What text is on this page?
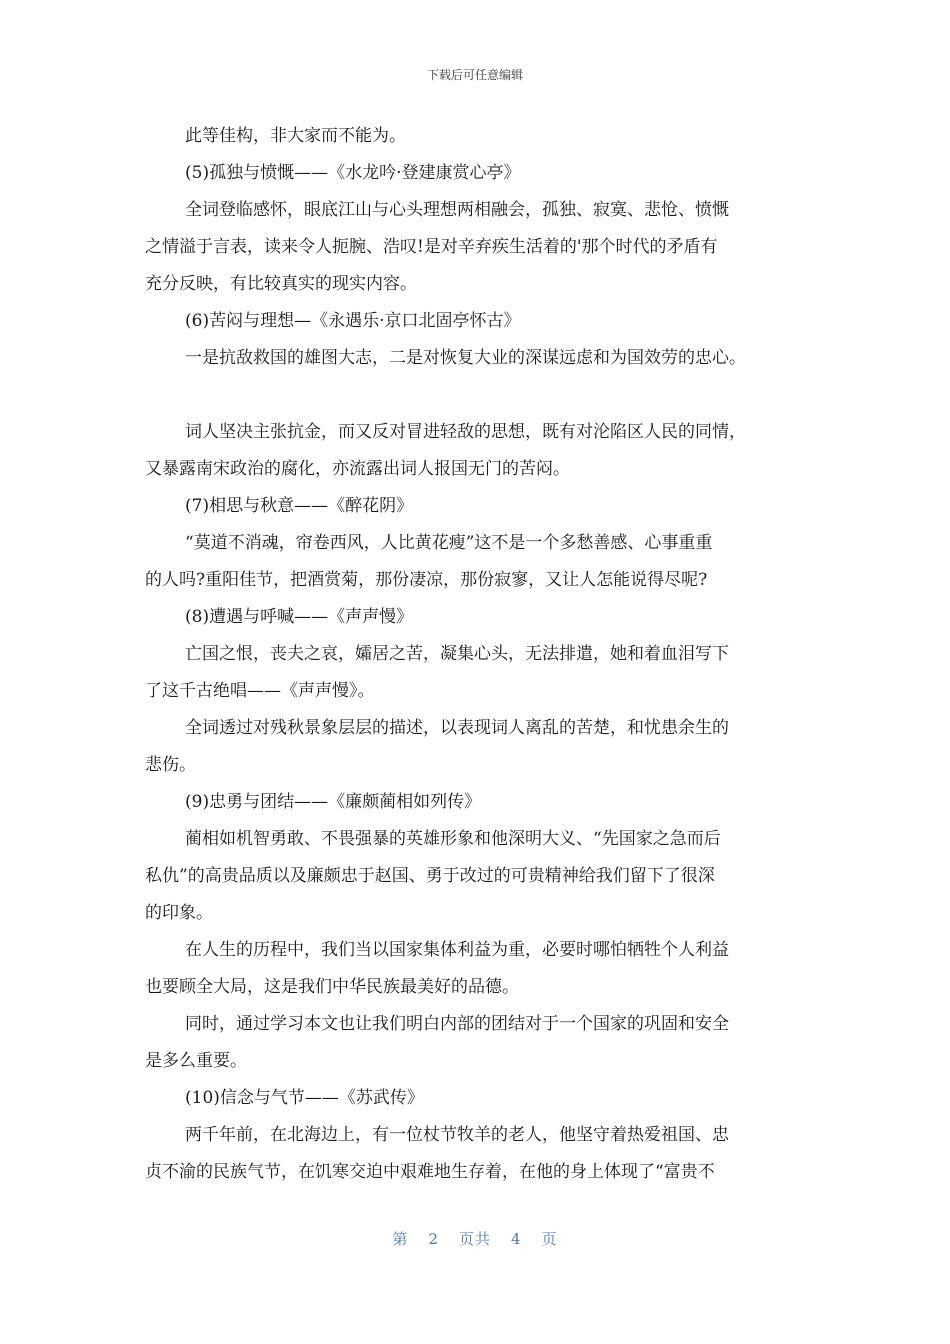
下载后可任意编辑
此等佳构，非大家而不能为。
(5)孤独与愤慨——《水龙吟·登建康赏心亭》
全词登临感怀，眼底江山与心头理想两相融会，孤独、寂寞、悲怆、愤慨
之情溢于言表，读来令人扼腕、浩叹!是对辛弃疾生活着的'那个时代的矛盾有
充分反映，有比较真实的现实内容。
(6)苦闷与理想—《永遇乐·京口北固亭怀古》
一是抗敌救国的雄图大志，二是对恢复大业的深谋远虑和为国效劳的忠心。
词人坚决主张抗金，而又反对冒进轻敌的思想，既有对沦陷区人民的同情，
又暴露南宋政治的腐化，亦流露出词人报国无门的苦闷。
(7)相思与秋意——《醉花阴》
“莫道不消魂，帘卷西风，人比黄花瘦”这不是一个多愁善感、心事重重
的人吗?重阳佳节，把酒赏菊，那份凄凉，那份寂寥，又让人怎能说得尽呢?
(8)遭遇与呼喊——《声声慢》
亡国之恨，丧夫之哀，孀居之苦，凝集心头，无法排遣，她和着血泪写下
了这千古绝唱——《声声慢》。
全词透过对残秋景象层层的描述，以表现词人离乱的苦楚，和忧患余生的
悲伤。
(9)忠勇与团结——《廉颇蔺相如列传》
蔺相如机智勇敢、不畏强暴的英雄形象和他深明大义、“先国家之急而后
私仇”的高贵品质以及廉颇忠于赵国、勇于改过的可贵精神给我们留下了很深
的印象。
在人生的历程中，我们当以国家集体利益为重，必要时哪怕牺牲个人利益
也要顾全大局，这是我们中华民族最美好的品德。
同时，通过学习本文也让我们明白内部的团结对于一个国家的巩固和安全
是多么重要。
(10)信念与气节——《苏武传》
两千年前，在北海边上，有一位杖节牧羊的老人，他坚守着热爱祖国、忠
贞不渝的民族气节，在饥寒交迫中艰难地生存着，在他的身上体现了“富贵不
第 2 页共 4 页
